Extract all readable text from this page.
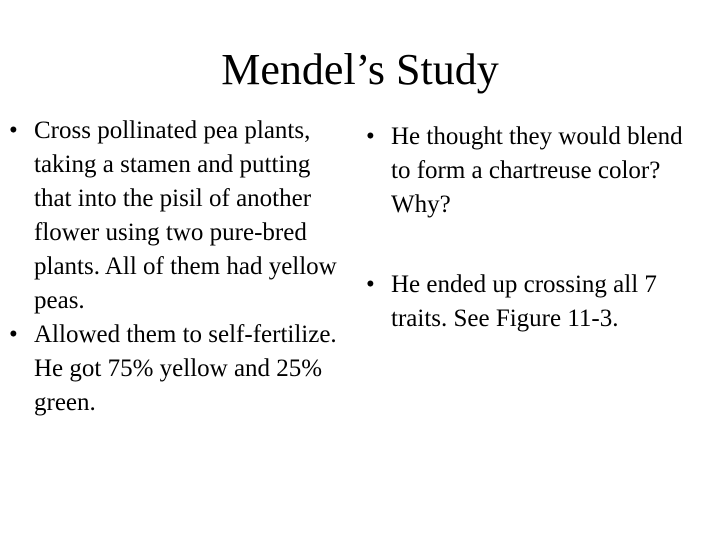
Mendel’s Study
• Cross pollinated pea plants, taking a stamen and putting that into the pisil of another flower using two pure-bred plants. All of them had yellow peas.
• Allowed them to self-fertilize. He got 75% yellow and 25% green.
• He thought they would blend to form a chartreuse color? Why?
• He ended up crossing all 7 traits. See Figure 11-3.
